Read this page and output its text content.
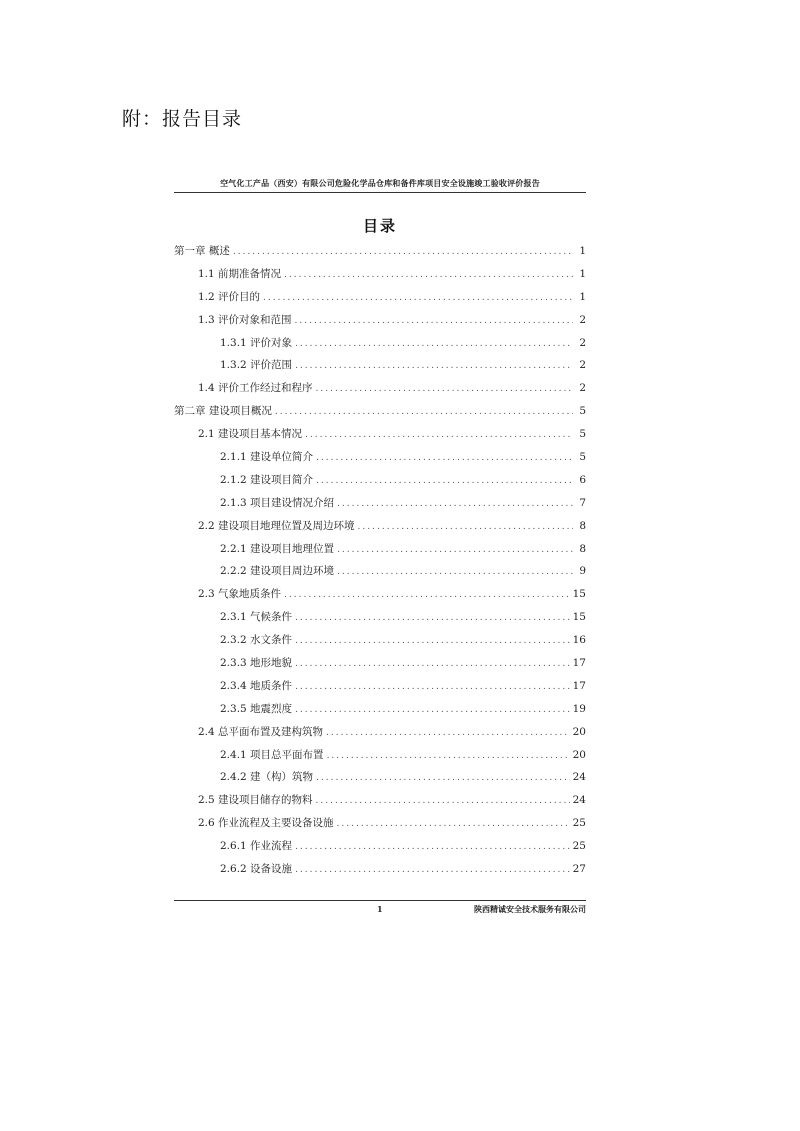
附：报告目录
空气化工产品（西安）有限公司危险化学品仓库和备件库项目安全设施竣工验收评价报告
目录
第一章 概述 .....	1
1.1 前期准备情况 .....	1
1.2 评价目的 .....	1
1.3 评价对象和范围 .....	2
1.3.1 评价对象 .....	2
1.3.2 评价范围 .....	2
1.4 评价工作经过和程序 .....	2
第二章 建设项目概况 .....	5
2.1 建设项目基本情况 .....	5
2.1.1 建设单位简介 .....	5
2.1.2 建设项目简介 .....	6
2.1.3 项目建设情况介绍 .....	7
2.2 建设项目地理位置及周边环境 .....	8
2.2.1 建设项目地理位置 .....	8
2.2.2 建设项目周边环境 .....	9
2.3 气象地质条件 .....	15
2.3.1 气候条件 .....	15
2.3.2 水文条件 .....	16
2.3.3 地形地貌 .....	17
2.3.4 地质条件 .....	17
2.3.5 地震烈度 .....	19
2.4 总平面布置及建构筑物 .....	20
2.4.1 项目总平面布置 .....	20
2.4.2 建（构）筑物 .....	24
2.5 建设项目储存的物料 .....	24
2.6 作业流程及主要设备设施 .....	25
2.6.1 作业流程 .....	25
2.6.2 设备设施 .....	27
1	陕西精诚安全技术服务有限公司
